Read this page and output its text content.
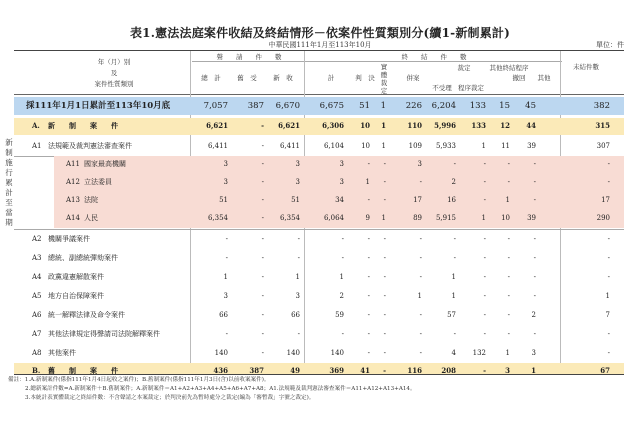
表1.憲法法庭案件收結及終結情形－依案件性質類別分(續1-新制累計)
中華民國111年1月至113年10月	單位：件
年（月）別
及
案件性質類別
聲　　請　　件　　數	終　　結　　件　　數
總　計	舊　受	新　收	計	判　決
實體裁定
併案
裁定
不受理 程序裁定
其他終結程序
撤回	其他
未結件數
採111年1月1日累計至113年10月底	7,057	387	6,670	6,675	51	1	226	6,204	133	15	45	382
A. 新　　制　　案　　件	6,621	-	6,621	6,306	10	1	110	5,996	133	12	44	315
A1 法規範及裁判憲法審查案件	6,411	-	6,411	6,104	10	1	109	5,933	1	11	39	307
A11 國家最高機關	3	-	3	3	-	-	3	-	-	-	-	-
A12 立法委員	3	-	3	3	1	-	-	2	-	-	-	-
A13 法院	51	-	51	34	-	-	17	16	-	1	-	17
A14 人民	6,354	-	6,354	6,064	9	1	89	5,915	1	10	39	290
A2 機關爭議案件	-	-	-	-	-	-	-	-	-	-	-	-
A3 總統、副總統彈劾案件	-	-	-	-	-	-	-	-	-	-	-	-
A4 政黨違憲解散案件	1	-	1	1	-	-	-	1	-	-	-	-
A5 地方自治保障案件	3	-	3	2	-	-	1	1	-	-	-	1
A6 統一解釋法律及命令案件	66	-	66	59	-	-	-	57	-	-	2	7
A7 其他法律規定得聲請司法院解釋案件	-	-	-	-	-	-	-	-	-	-	-	-
A8 其他案件	140	-	140	140	-	-	-	4	132	1	3	-
B. 舊　　制　　案　　件	436	387	49	369	41	-	116	208	-	3	1	67
新制施行累計至當期
備註：1.A.新制案件(係指111年1月4日起收之案件)；B.舊制案件(係指111年1月3日(含)以前收案案件)。
2.總新案計件數=A.新制案件＋B.舊制案件；A.新制案件＝A1+A2+A3+A4+A5+A6+A7+A8；A1.法規範及裁判憲法審查案件＝A11+A12+A13+A14。
3.本統計表實體裁定之終結件數：不含聲請之本案裁定；於判決前先為暫時處分之裁定(編為「審暫裁」字號之裁定)。
